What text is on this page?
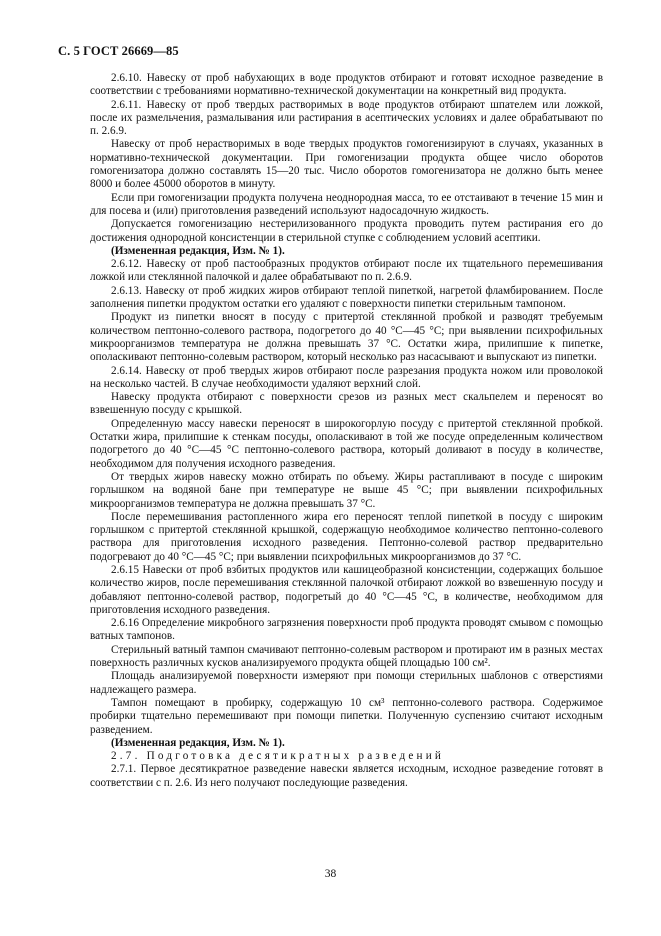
С. 5 ГОСТ 26669—85

2.6.10. Навеску от проб набухающих в воде продуктов отбирают и готовят исходное разведение в соответствии с требованиями нормативно-технической документации на конкретный вид продукта.

2.6.11. Навеску от проб твердых растворимых в воде продуктов отбирают шпателем или ложкой, после их размельчения, размалывания или растирания в асептических условиях и далее обрабатывают по п. 2.6.9.

Навеску от проб нерастворимых в воде твердых продуктов гомогенизируют в случаях, указанных в нормативно-технической документации. При гомогенизации продукта общее число оборотов гомогенизатора должно составлять 15—20 тыс. Число оборотов гомогенизатора не должно быть менее 8000 и более 45000 оборотов в минуту.

Если при гомогенизации продукта получена неоднородная масса, то ее отстаивают в течение 15 мин и для посева и (или) приготовления разведений используют надосадочную жидкость.

Допускается гомогенизацию нестерилизованного продукта проводить путем растирания его до достижения однородной консистенции в стерильной ступке с соблюдением условий асептики.

(Измененная редакция, Изм. № 1).

2.6.12. Навеску от проб пастообразных продуктов отбирают после их тщательного перемешивания ложкой или стеклянной палочкой и далее обрабатывают по п. 2.6.9.

2.6.13. Навеску от проб жидких жиров отбирают теплой пипеткой, нагретой фламбированием. После заполнения пипетки продуктом остатки его удаляют с поверхности пипетки стерильным тампоном.

Продукт из пипетки вносят в посуду с притертой стеклянной пробкой и разводят требуемым количеством пептонно-солевого раствора, подогретого до 40 °С—45 °С; при выявлении психрофильных микроорганизмов температура не должна превышать 37 °С. Остатки жира, прилипшие к пипетке, ополаскивают пептонно-солевым раствором, который несколько раз насасывают и выпускают из пипетки.

2.6.14. Навеску от проб твердых жиров отбирают после разрезания продукта ножом или проволокой на несколько частей. В случае необходимости удаляют верхний слой.

Навеску продукта отбирают с поверхности срезов из разных мест скальпелем и переносят во взвешенную посуду с крышкой.

Определенную массу навески переносят в широкогорлую посуду с притертой стеклянной пробкой. Остатки жира, прилипшие к стенкам посуды, ополаскивают в той же посуде определенным количеством подогретого до 40 °С—45 °С пептонно-солевого раствора, который доливают в посуду в количестве, необходимом для получения исходного разведения.

От твердых жиров навеску можно отбирать по объему. Жиры растапливают в посуде с широким горлышком на водяной бане при температуре не выше 45 °С; при выявлении психрофильных микроорганизмов температура не должна превышать 37 °С.

После перемешивания растопленного жира его переносят теплой пипеткой в посуду с широким горлышком с притертой стеклянной крышкой, содержащую необходимое количество пептонно-солевого раствора для приготовления исходного разведения. Пептонно-солевой раствор предварительно подогревают до 40 °С—45 °С; при выявлении психрофильных микроорганизмов до 37 °С.

2.6.15 Навески от проб взбитых продуктов или кашицеобразной консистенции, содержащих большое количество жиров, после перемешивания стеклянной палочкой отбирают ложкой во взвешенную посуду и добавляют пептонно-солевой раствор, подогретый до 40 °С—45 °С, в количестве, необходимом для приготовления исходного разведения.

2.6.16 Определение микробного загрязнения поверхности проб продукта проводят смывом с помощью ватных тампонов.

Стерильный ватный тампон смачивают пептонно-солевым раствором и протирают им в разных местах поверхность различных кусков анализируемого продукта общей площадью 100 см².

Площадь анализируемой поверхности измеряют при помощи стерильных шаблонов с отверстиями надлежащего размера.

Тампон помещают в пробирку, содержащую 10 см³ пептонно-солевого раствора. Содержимое пробирки тщательно перемешивают при помощи пипетки. Полученную суспензию считают исходным разведением.

(Измененная редакция, Изм. № 1).

2.7. Подготовка десятикратных разведений

2.7.1. Первое десятикратное разведение навески является исходным, исходное разведение готовят в соответствии с п. 2.6. Из него получают последующие разведения.

38
